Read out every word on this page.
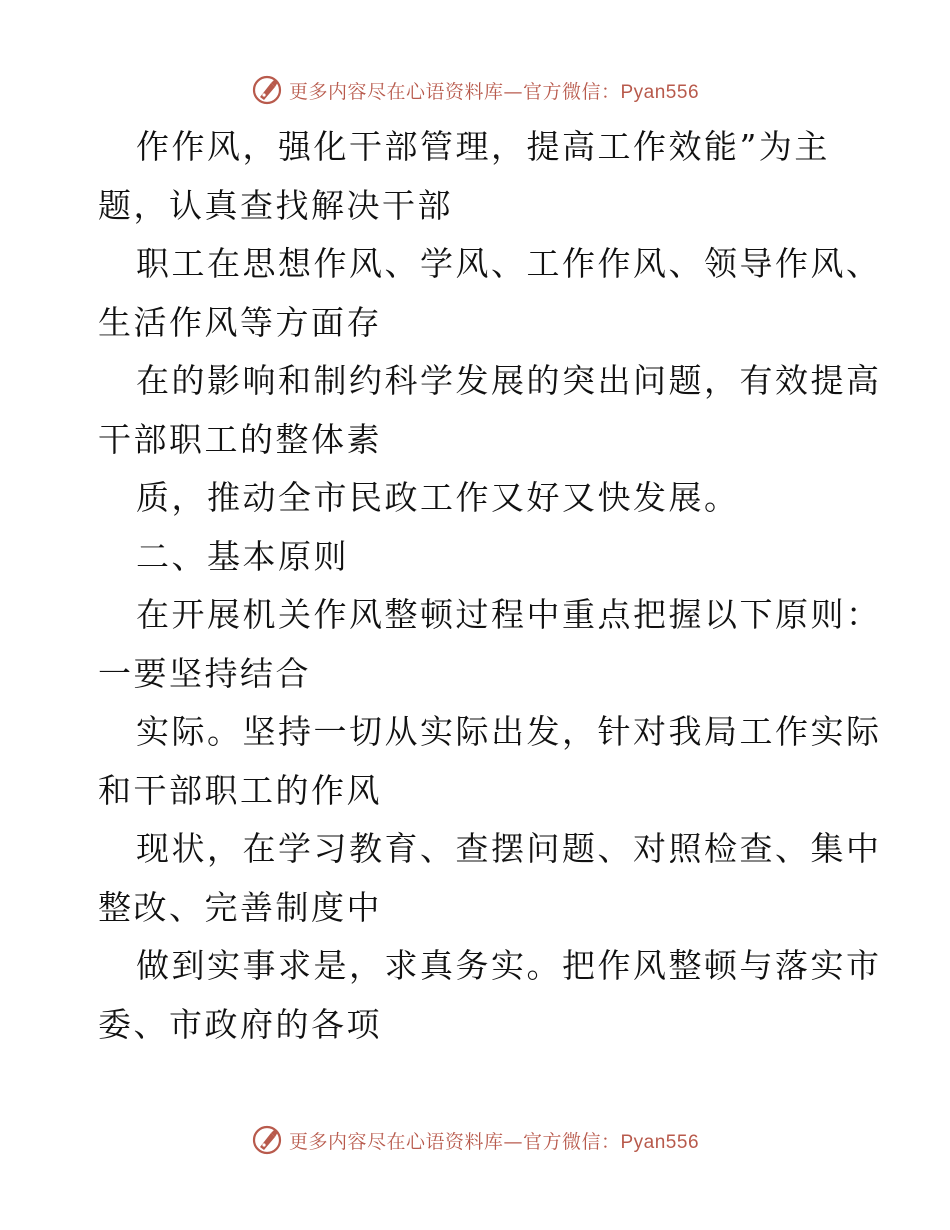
更多内容尽在心语资料库—官方微信：Pyan556
作作风，强化干部管理，提高工作效能”为主
题，认真查找解决干部
职工在思想作风、学风、工作作风、领导作风、
生活作风等方面存
在的影响和制约科学发展的突出问题，有效提高
干部职工的整体素
质，推动全市民政工作又好又快发展。
二、基本原则
在开展机关作风整顿过程中重点把握以下原则：
一要坚持结合
实际。坚持一切从实际出发，针对我局工作实际
和干部职工的作风
现状，在学习教育、查摆问题、对照检查、集中
整改、完善制度中
做到实事求是，求真务实。把作风整顿与落实市
委、市政府的各项
更多内容尽在心语资料库—官方微信：Pyan556
